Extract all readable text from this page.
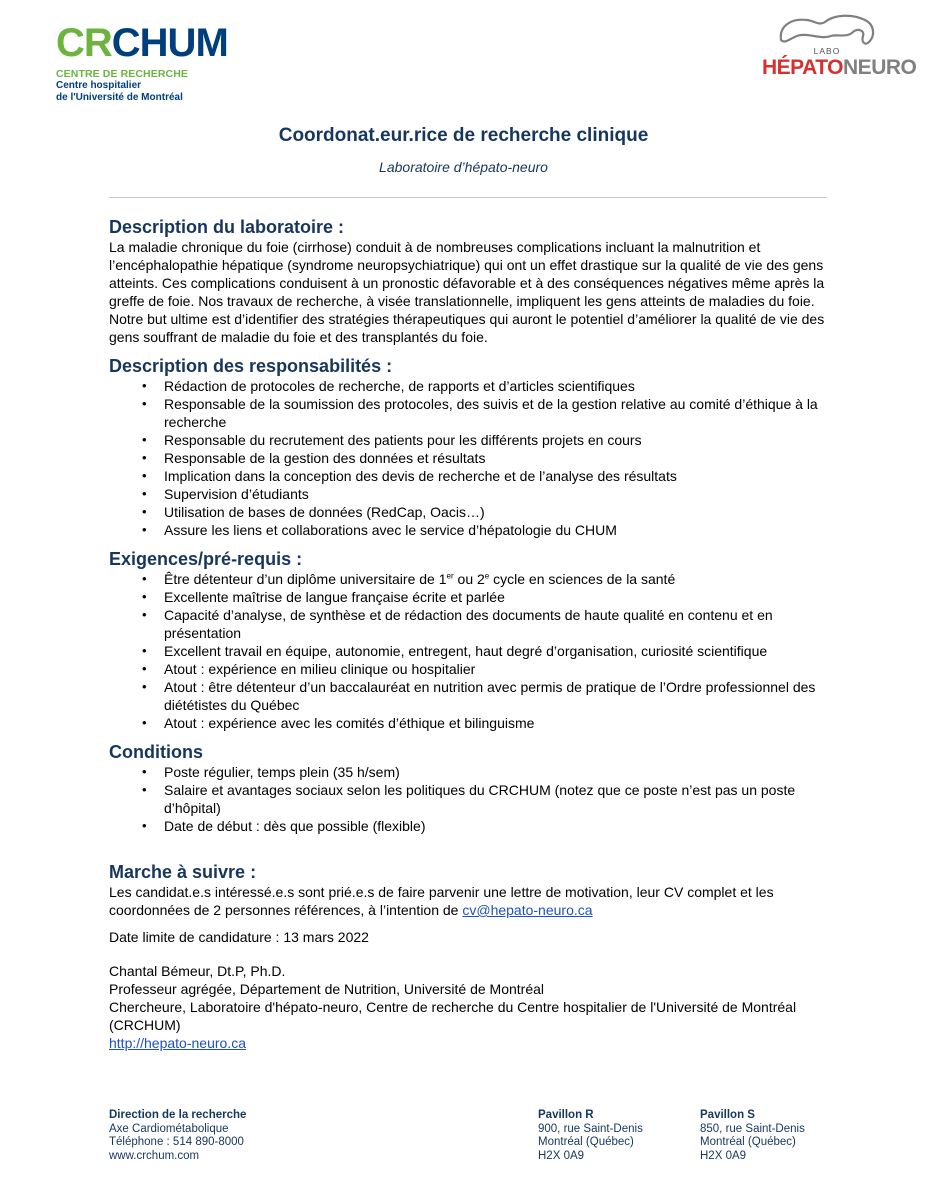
CRCHUM
CENTRE DE RECHERCHE
Centre hospitalier
de l'Université de Montréal
LABO
HÉPATONEURO
Coordonat.eur.rice de recherche clinique
Laboratoire d’hépato-neuro
Description du laboratoire :

La maladie chronique du foie (cirrhose) conduit à de nombreuses complications incluant la malnutrition et l’encéphalopathie hépatique (syndrome neuropsychiatrique) qui ont un effet drastique sur la qualité de vie des gens atteints. Ces complications conduisent à un pronostic défavorable et à des conséquences négatives même après la greffe de foie. Nos travaux de recherche, à visée translationnelle, impliquent les gens atteints de maladies du foie. Notre but ultime est d’identifier des stratégies thérapeutiques qui auront le potentiel d’améliorer la qualité de vie des gens souffrant de maladie du foie et des transplantés du foie.

Description des responsabilités :
• Rédaction de protocoles de recherche, de rapports et d’articles scientifiques
• Responsable de la soumission des protocoles, des suivis et de la gestion relative au comité d’éthique à la recherche
• Responsable du recrutement des patients pour les différents projets en cours
• Responsable de la gestion des données et résultats
• Implication dans la conception des devis de recherche et de l’analyse des résultats
• Supervision d’étudiants
• Utilisation de bases de données (RedCap, Oacis…)
• Assure les liens et collaborations avec le service d’hépatologie du CHUM
Exigences/pré-requis :
• Être détenteur d’un diplôme universitaire de 1er ou 2e cycle en sciences de la santé
• Excellente maîtrise de langue française écrite et parlée
• Capacité d’analyse, de synthèse et de rédaction des documents de haute qualité en contenu et en présentation
• Excellent travail en équipe, autonomie, entregent, haut degré d’organisation, curiosité scientifique
• Atout : expérience en milieu clinique ou hospitalier
• Atout : être détenteur d’un baccalauréat en nutrition avec permis de pratique de l’Ordre professionnel des diététistes du Québec
• Atout : expérience avec les comités d’éthique et bilinguisme
Conditions
• Poste régulier, temps plein (35 h/sem)
• Salaire et avantages sociaux selon les politiques du CRCHUM (notez que ce poste n’est pas un poste d’hôpital)
• Date de début : dès que possible (flexible)
Marche à suivre :

Les candidat.e.s intéressé.e.s sont prié.e.s de faire parvenir une lettre de motivation, leur CV complet et les coordonnées de 2 personnes références, à l’intention de cv@hepato-neuro.ca

Date limite de candidature : 13 mars 2022

Chantal Bémeur, Dt.P, Ph.D.

Professeur agrégée, Département de Nutrition, Université de Montréal

Chercheure, Laboratoire d'hépato-neuro, Centre de recherche du Centre hospitalier de l'Université de Montréal (CRCHUM)

http://hepato-neuro.ca

Direction de la recherche
Axe Cardiométabolique
Téléphone : 514 890-8000
www.crchum.com
Pavillon R
900, rue Saint-Denis
Montréal (Québec)
H2X 0A9
Pavillon S
850, rue Saint-Denis
Montréal (Québec)
H2X 0A9
